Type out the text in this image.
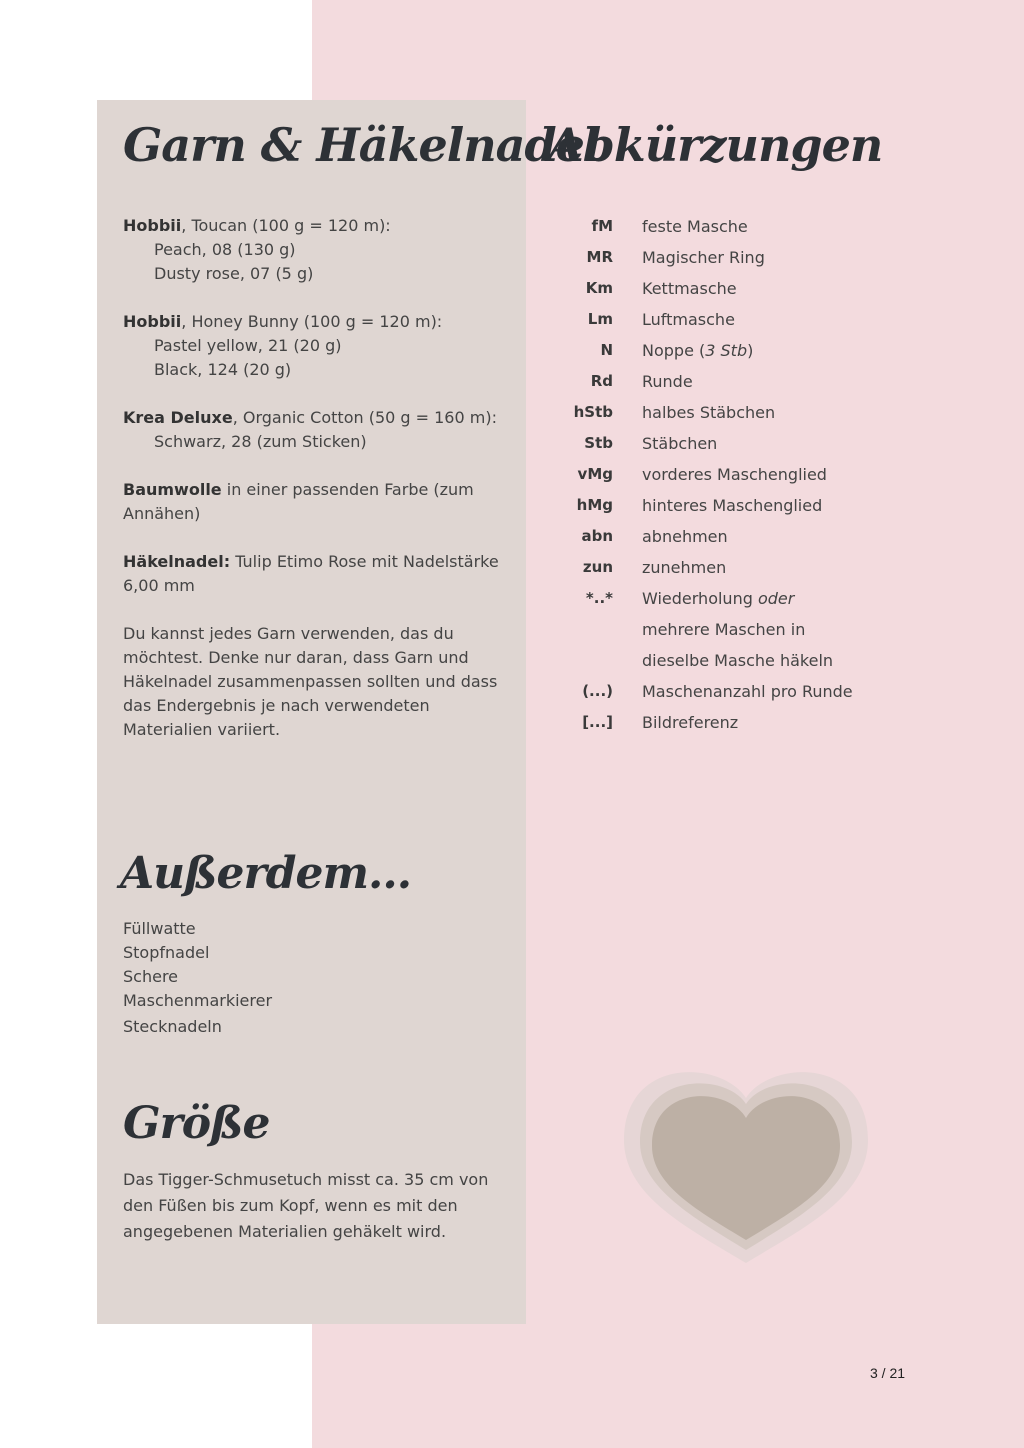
Garn & Häkelnadel
Abkürzungen

Hobbii, Toucan (100 g = 120 m):

Peach, 08 (130 g)

Dusty rose, 07 (5 g)

Hobbii, Honey Bunny (100 g = 120 m):

Pastel yellow, 21 (20 g)

Black, 124 (20 g)

Krea Deluxe, Organic Cotton (50 g = 160 m):

Schwarz, 28 (zum Sticken)

Baumwolle in einer passenden Farbe (zum Annähen)

Häkelnadel: Tulip Etimo Rose mit Nadelstärke 6,00 mm

Du kannst jedes Garn verwenden, das du möchtest. Denke nur daran, dass Garn und Häkelnadel zusammenpassen sollten und dass das Endergebnis je nach verwendeten Materialien variiert.

Außerdem...
Füllwatte
Stopfnadel
Schere
Maschenmarkierer
Stecknadeln
Größe

Das Tigger-Schmusetuch misst ca. 35 cm von den Füßen bis zum Kopf, wenn es mit den angegebenen Materialien gehäkelt wird.

fM feste Masche
MR Magischer Ring
Km Kettmasche
Lm Luftmasche
N Noppe (3 Stb)
Rd Runde
hStb halbes Stäbchen
Stb Stäbchen
vMg vorderes Maschenglied
hMg hinteres Maschenglied
abn abnehmen
zun zunehmen
*..* Wiederholung oder mehrere Maschen in dieselbe Masche häkeln
(...) Maschenanzahl pro Runde
[...] Bildreferenz
3 / 21
